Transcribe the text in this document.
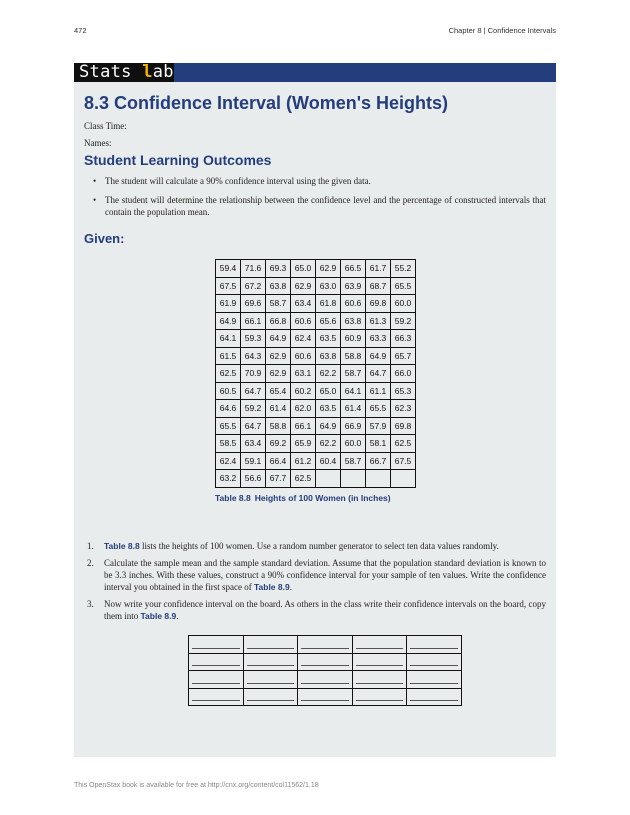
472	Chapter 8 | Confidence Intervals
Stats lab
8.3 Confidence Interval (Women's Heights)
Class Time:
Names:
Student Learning Outcomes
• The student will calculate a 90% confidence interval using the given data.
• The student will determine the relationship between the confidence level and the percentage of constructed intervals that contain the population mean.
Given:
59.4	71.6	69.3	65.0	62.9	66.5	61.7	55.2
67.5	67.2	63.8	62.9	63.0	63.9	68.7	65.5
61.9	69.6	58.7	63.4	61.8	60.6	69.8	60.0
64.9	66.1	66.8	60.6	65.6	63.8	61.3	59.2
64.1	59.3	64.9	62.4	63.5	60.9	63.3	66.3
61.5	64.3	62.9	60.6	63.8	58.8	64.9	65.7
62.5	70.9	62.9	63.1	62.2	58.7	64.7	66.0
60.5	64.7	65.4	60.2	65.0	64.1	61.1	65.3
64.6	59.2	61.4	62.0	63.5	61.4	65.5	62.3
65.5	64.7	58.8	66.1	64.9	66.9	57.9	69.8
58.5	63.4	69.2	65.9	62.2	60.0	58.1	62.5
62.4	59.1	66.4	61.2	60.4	58.7	66.7	67.5
63.2	56.6	67.7	62.5				
Table 8.8 Heights of 100 Women (in Inches)
1. Table 8.8 lists the heights of 100 women. Use a random number generator to select ten data values randomly.
2. Calculate the sample mean and the sample standard deviation. Assume that the population standard deviation is known to be 3.3 inches. With these values, construct a 90% confidence interval for your sample of ten values. Write the confidence interval you obtained in the first space of Table 8.9.
3. Now write your confidence interval on the board. As others in the class write their confidence intervals on the board, copy them into Table 8.9.

This OpenStax book is available for free at http://cnx.org/content/col11562/1.18
